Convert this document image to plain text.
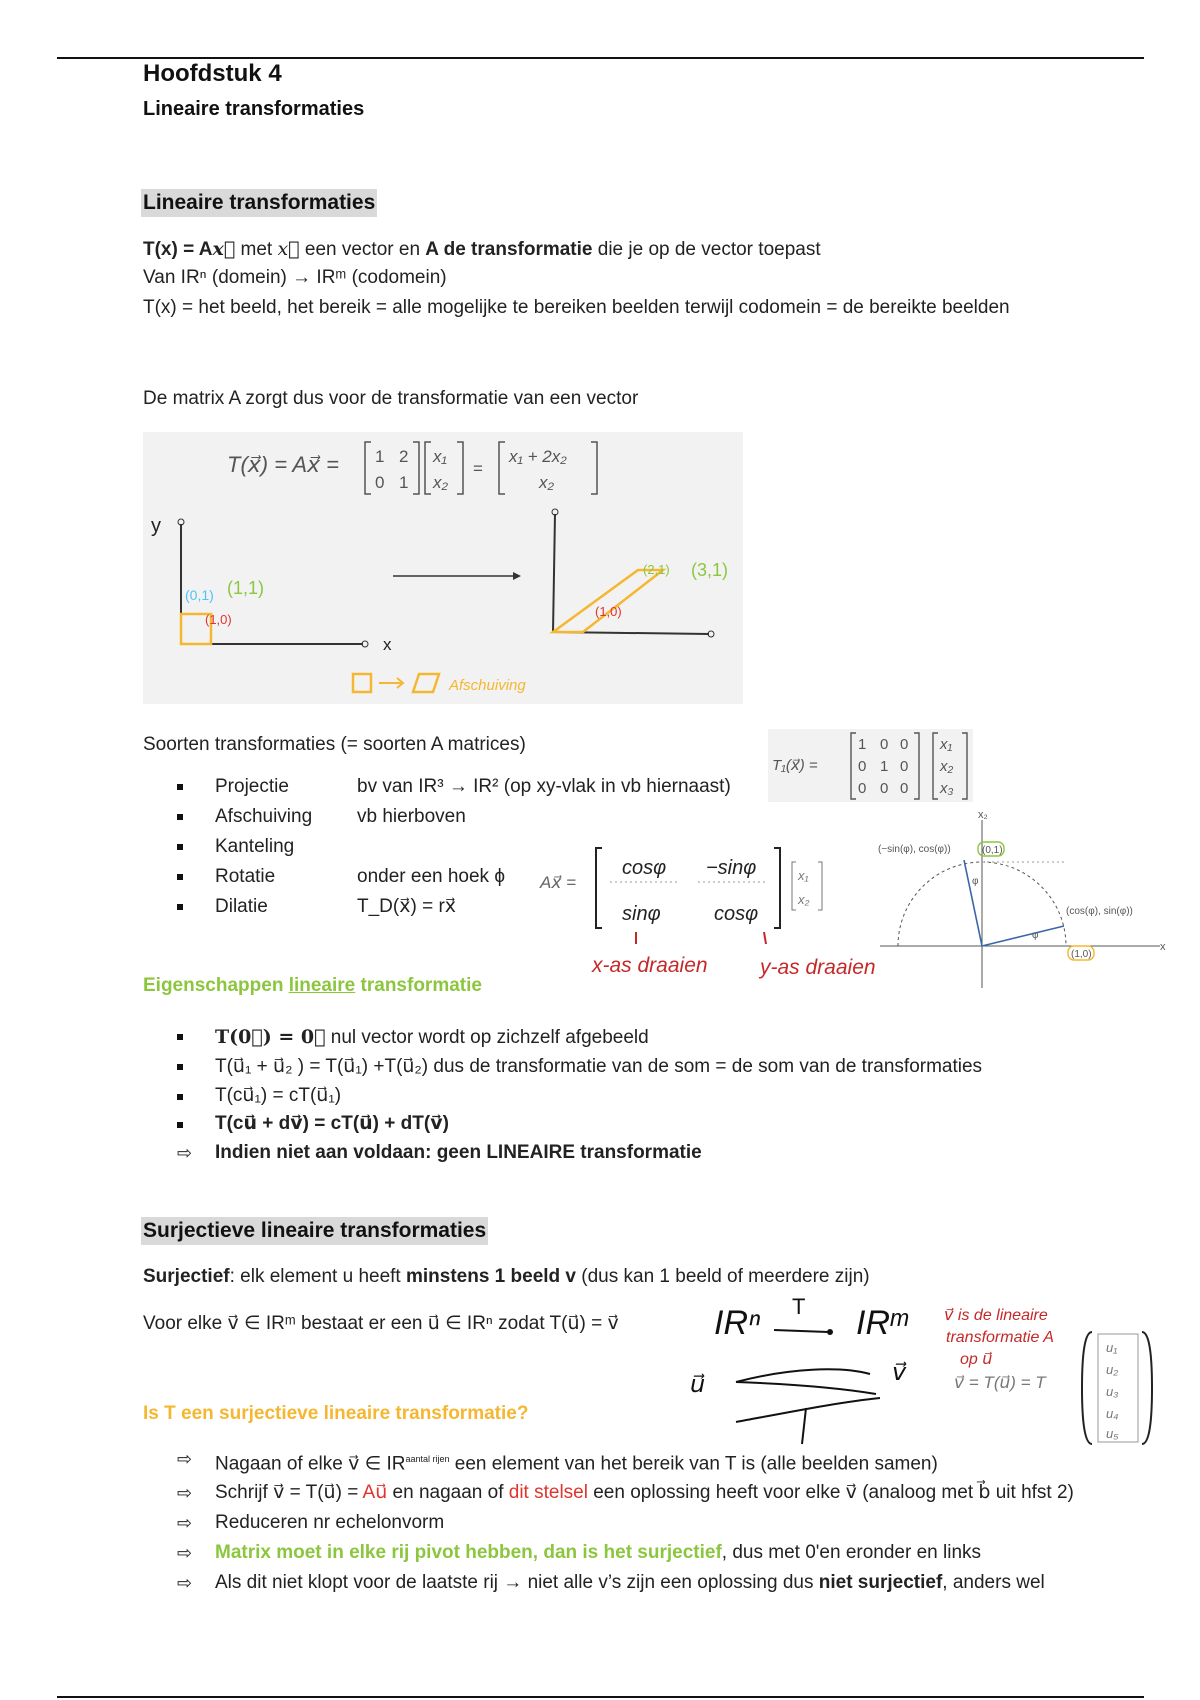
Hoofdstuk 4
Lineaire transformaties
Lineaire transformaties
T(x) = Ax⃗ met x⃗ een vector en A de transformatie die je op de vector toepast
Van IRⁿ (domein) → IRᵐ (codomein)
T(x) = het beeld, het bereik = alle mogelijke te bereiken beelden terwijl codomein = de bereikte beelden
De matrix A zorgt dus voor de transformatie van een vector
T(x⃗) = Ax⃗ = 1 2
0 1
x₁
x₂
=
x₁ + 2x₂
x₂
y
x
(0,1) (1,1)
(1,0)
(2,1) (3,1)
(1,0)
Afschuiving
Soorten transformaties (= soorten A matrices)
T₁(x⃗) =
1 0 0
0 1 0
0 0 0
x₁
x₂
x₃
Projectie	bv van IR³ → IR² (op xy-vlak in vb hiernaast)
Afschuiving vb hierboven
Kanteling
Rotatie	onder een hoek ϕ
Dilatie	T_D(x⃗) = rx⃗
Ax⃗ =
cosφ −sinφ
sinφ	cosφ
x₁
x₂
x-as draaien y-as draaien
x₂
x
(−sin(φ), cos(φ))	(0,1)
(cos(φ), sin(φ))
(1,0)
φ
φ
Eigenschappen lineaire transformatie
T(0⃗) = 0⃗ nul vector wordt op zichzelf afgebeeld
T(u⃗₁ + u⃗₂ ) = T(u⃗₁) +T(u⃗₂) dus de transformatie van de som = de som van de transformaties
T(cu⃗₁) = cT(u⃗₁)
T(cu⃗ + dv⃗) = cT(u⃗) + dT(v⃗)
⇨ Indien niet aan voldaan: geen LINEAIRE transformatie
Surjectieve lineaire transformaties
Surjectief: elk element u heeft minstens 1 beeld v (dus kan 1 beeld of meerdere zijn)
Voor elke v⃗ ∈ IRᵐ bestaat er een u⃗ ∈ IRⁿ zodat T(u⃗) = v⃗	IRⁿ T IRᵐ
u⃗	v⃗
v⃗ is de lineaire
transformatie A
op u⃗
v⃗ = T(u⃗) = T
u₁
u₂
u₃
u₄
u₅
Is T een surjectieve lineaire transformatie?
⇨ Nagaan of elke v⃗ ∈ $IR^{aantal rijen}$ een element van het bereik van T is (alle beelden samen)
⇨ Schrijf v⃗ = T(u⃗) = Au⃗ en nagaan of dit stelsel een oplossing heeft voor elke v⃗ (analoog met b⃗ uit hfst 2)
⇨ Reduceren nr echelonvorm
⇨ Matrix moet in elke rij pivot hebben, dan is het surjectief, dus met 0'en eronder en links
⇨ Als dit niet klopt voor de laatste rij → niet alle v’s zijn een oplossing dus niet surjectief, anders wel
